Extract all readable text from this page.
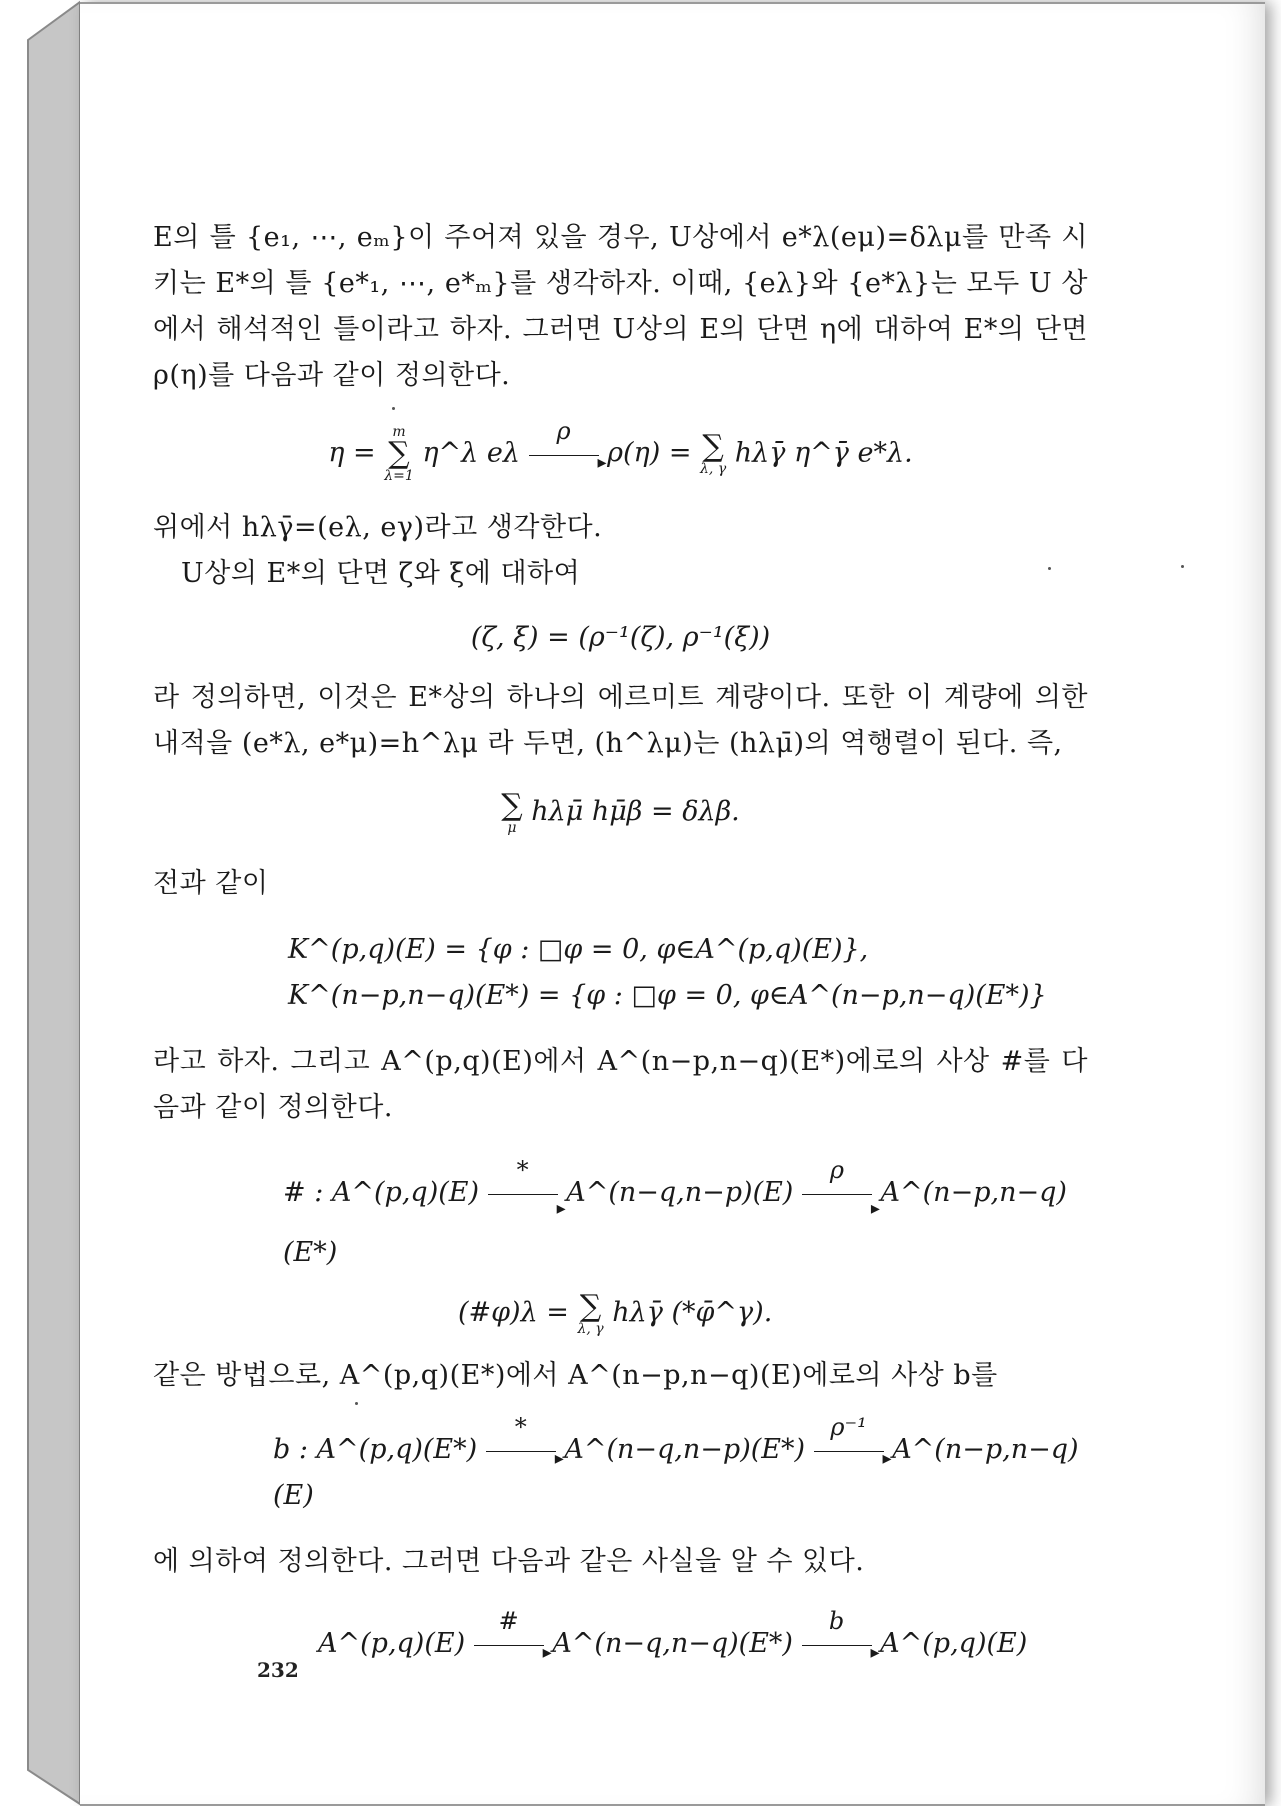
E의 틀 {e₁, ⋯, eₘ}이 주어져 있을 경우, U상에서 e*λ(eμ)=δλμ를 만족 시키는 E*의 틀 {e*₁, ⋯, e*ₘ}를 생각하자. 이때, {eλ}와 {e*λ}는 모두 U 상에서 해석적인 틀이라고 하자. 그러면 U상의 E의 단면 η에 대하여 E*의 단면 ρ(η)를 다음과 같이 정의한다.

η =
m
∑
λ=1
η^λ eλ
ρ
▸
ρ(η) = ∑
λ, γ
hλγ̄ η^γ̄ e*λ.

위에서 hλγ̄=(eλ, eγ)라고 생각한다.

U상의 E*의 단면 ζ와 ξ에 대하여

(ζ, ξ) = (ρ⁻¹(ζ), ρ⁻¹(ξ))

라 정의하면, 이것은 E*상의 하나의 에르미트 계량이다. 또한 이 계량에 의한 내적을 (e*λ, e*μ)=h^λμ 라 두면, (h^λμ)는 (hλμ̄)의 역행렬이 된다. 즉,

∑
μ
hλμ̄ hμ̄β = δλβ.

전과 같이

K^(p,q)(E) = {φ : □φ = 0, φ∈A^(p,q)(E)},
K^(n−p,n−q)(E*) = {φ : □φ = 0, φ∈A^(n−p,n−q)(E*)}

라고 하자. 그리고 A^(p,q)(E)에서 A^(n−p,n−q)(E*)에로의 사상 #를 다음과 같이 정의한다.

# : A^(p,q)(E)
*
▸
A^(n−q,n−p)(E)
ρ
▸
A^(n−p,n−q)(E*)
(#φ)λ = ∑
λ, γ
hλγ̄ (*φ̄^γ).

같은 방법으로, A^(p,q)(E*)에서 A^(n−p,n−q)(E)에로의 사상 b를

b : A^(p,q)(E*)
*
▸
A^(n−q,n−p)(E*)
ρ⁻¹
▸
A^(n−p,n−q)(E)

에 의하여 정의한다. 그러면 다음과 같은 사실을 알 수 있다.

A^(p,q)(E)
#
▸
A^(n−q,n−q)(E*)
b
▸
A^(p,q)(E)
232
